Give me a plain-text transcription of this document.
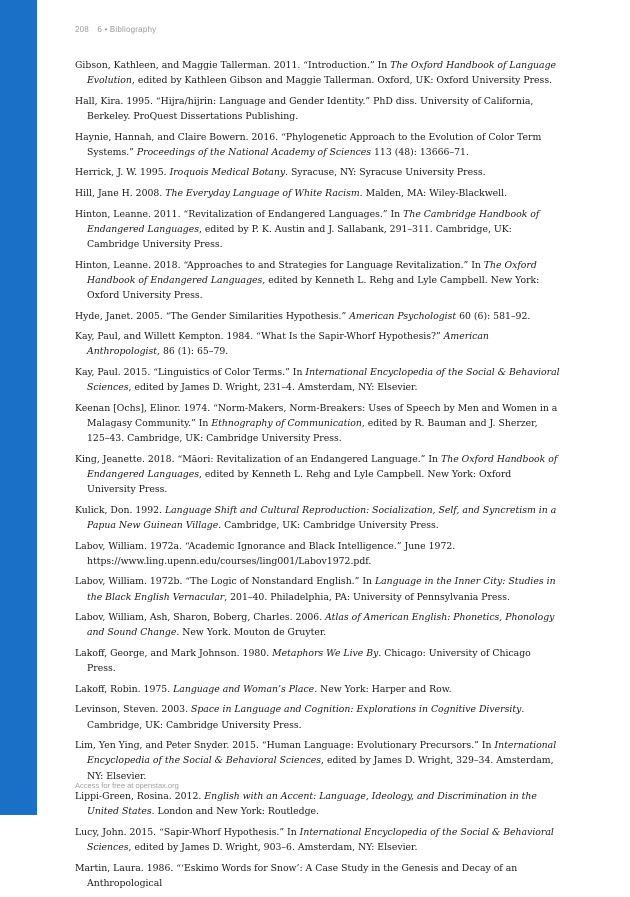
208 6 • Bibliography
Gibson, Kathleen, and Maggie Tallerman. 2011. “Introduction.” In The Oxford Handbook of Language Evolution, edited by Kathleen Gibson and Maggie Tallerman. Oxford, UK: Oxford University Press.
Hall, Kira. 1995. “Hijra/hijrin: Language and Gender Identity.” PhD diss. University of California, Berkeley. ProQuest Dissertations Publishing.
Haynie, Hannah, and Claire Bowern. 2016. “Phylogenetic Approach to the Evolution of Color Term Systems.” Proceedings of the National Academy of Sciences 113 (48): 13666–71.
Herrick, J. W. 1995. Iroquois Medical Botany. Syracuse, NY: Syracuse University Press.
Hill, Jane H. 2008. The Everyday Language of White Racism. Malden, MA: Wiley-Blackwell.
Hinton, Leanne. 2011. “Revitalization of Endangered Languages.” In The Cambridge Handbook of Endangered Languages, edited by P. K. Austin and J. Sallabank, 291–311. Cambridge, UK: Cambridge University Press.
Hinton, Leanne. 2018. “Approaches to and Strategies for Language Revitalization.” In The Oxford Handbook of Endangered Languages, edited by Kenneth L. Rehg and Lyle Campbell. New York: Oxford University Press.
Hyde, Janet. 2005. “The Gender Similarities Hypothesis.” American Psychologist 60 (6): 581–92.
Kay, Paul, and Willett Kempton. 1984. “What Is the Sapir-Whorf Hypothesis?” American Anthropologist, 86 (1): 65–79.
Kay, Paul. 2015. “Linguistics of Color Terms.” In International Encyclopedia of the Social & Behavioral Sciences, edited by James D. Wright, 231–4. Amsterdam, NY: Elsevier.
Keenan [Ochs], Elinor. 1974. “Norm-Makers, Norm-Breakers: Uses of Speech by Men and Women in a Malagasy Community.” In Ethnography of Communication, edited by R. Bauman and J. Sherzer, 125–43. Cambridge, UK: Cambridge University Press.
King, Jeanette. 2018. “Māori: Revitalization of an Endangered Language.” In The Oxford Handbook of Endangered Languages, edited by Kenneth L. Rehg and Lyle Campbell. New York: Oxford University Press.
Kulick, Don. 1992. Language Shift and Cultural Reproduction: Socialization, Self, and Syncretism in a Papua New Guinean Village. Cambridge, UK: Cambridge University Press.
Labov, William. 1972a. “Academic Ignorance and Black Intelligence.” June 1972. https://www.ling.upenn.edu/courses/ling001/Labov1972.pdf.
Labov, William. 1972b. “The Logic of Nonstandard English.” In Language in the Inner City: Studies in the Black English Vernacular, 201–40. Philadelphia, PA: University of Pennsylvania Press.
Labov, William, Ash, Sharon, Boberg, Charles. 2006. Atlas of American English: Phonetics, Phonology and Sound Change. New York. Mouton de Gruyter.
Lakoff, George, and Mark Johnson. 1980. Metaphors We Live By. Chicago: University of Chicago Press.
Lakoff, Robin. 1975. Language and Woman’s Place. New York: Harper and Row.
Levinson, Steven. 2003. Space in Language and Cognition: Explorations in Cognitive Diversity. Cambridge, UK: Cambridge University Press.
Lim, Yen Ying, and Peter Snyder. 2015. “Human Language: Evolutionary Precursors.” In International Encyclopedia of the Social & Behavioral Sciences, edited by James D. Wright, 329–34. Amsterdam, NY: Elsevier.
Lippi-Green, Rosina. 2012. English with an Accent: Language, Ideology, and Discrimination in the United States. London and New York: Routledge.
Lucy, John. 2015. “Sapir-Whorf Hypothesis.” In International Encyclopedia of the Social & Behavioral Sciences, edited by James D. Wright, 903–6. Amsterdam, NY: Elsevier.
Martin, Laura. 1986. “‘Eskimo Words for Snow’: A Case Study in the Genesis and Decay of an Anthropological
Access for free at openstax.org
